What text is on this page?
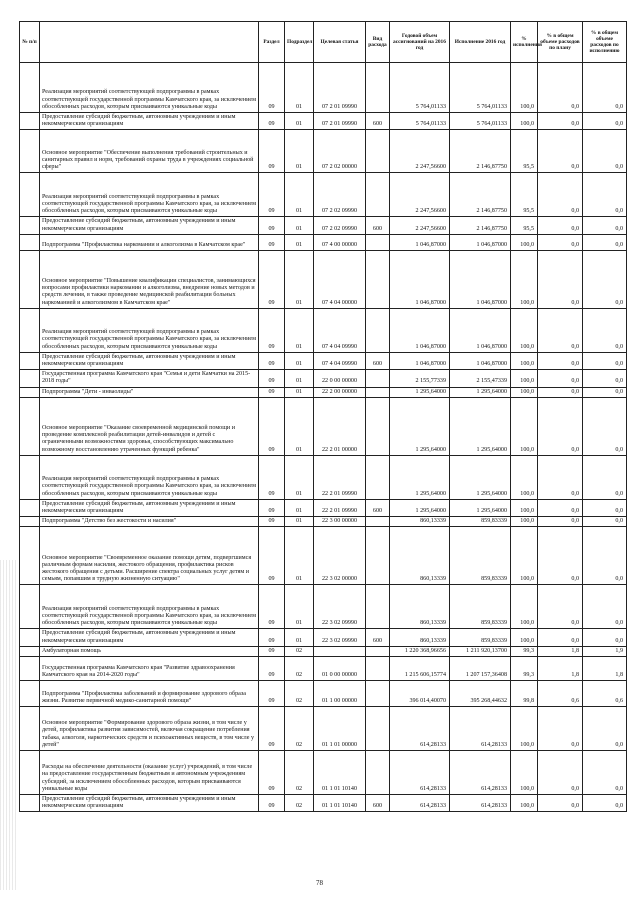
№ п/п		Раздел	Подраздел	Целевая статья	Вид расхода	Годовой объем ассигнований на 2016 год	Исполнение 2016 год	% исполнения	% в общем объеме расходов по плану	% в общем объеме расходов по исполнению
	Реализация мероприятий соответствующей подпрограммы в рамках соответствующей государственной программы Камчатского края, за исключением обособленных расходов, которым присваиваются уникальные коды	09	01	07 2 01 09990		5 764,01133	5 764,01133	100,0	0,0	0,0
	Предоставление субсидий бюджетным, автономным учреждениям и иным некоммерческим организациям	09	01	07 2 01 09990	600	5 764,01133	5 764,01133	100,0	0,0	0,0
	Основное мероприятие "Обеспечение выполнения требований строительных и санитарных правил и норм, требований охраны труда в учреждениях социальной сферы"	09	01	07 2 02 00000		2 247,56600	2 146,87750	95,5	0,0	0,0
	Реализация мероприятий соответствующей подпрограммы в рамках соответствующей государственной программы Камчатского края, за исключением обособленных расходов, которым присваиваются уникальные коды	09	01	07 2 02 09990		2 247,56600	2 146,87750	95,5	0,0	0,0
	Предоставление субсидий бюджетным, автономным учреждениям и иным некоммерческим организациям	09	01	07 2 02 09990	600	2 247,56600	2 146,87750	95,5	0,0	0,0
	Подпрограмма "Профилактика наркомании и алкоголизма в Камчатском крае"	09	01	07 4 00 00000		1 046,87000	1 046,87000	100,0	0,0	0,0
	Основное мероприятие "Повышение квалификации специалистов, занимающихся вопросами профилактики наркомании и алкоголизма, внедрение новых методов и средств лечения, в также проведение медицинской реабилитации больных наркоманией и алкоголизмом в Камчатском крае"	09	01	07 4 04 00000		1 046,87000	1 046,87000	100,0	0,0	0,0
	Реализация мероприятий соответствующей подпрограммы в рамках соответствующей государственной программы Камчатского края, за исключением обособленных расходов, которым присваиваются уникальные коды	09	01	07 4 04 09990		1 046,87000	1 046,87000	100,0	0,0	0,0
	Предоставление субсидий бюджетным, автономным учреждениям и иным некоммерческим организациям	09	01	07 4 04 09990	600	1 046,87000	1 046,87000	100,0	0,0	0,0
	Государственная программа Камчатского края "Семья и дети Камчатки на 2015-2018 годы"	09	01	22 0 00 00000		2 155,77339	2 155,47339	100,0	0,0	0,0
	Подпрограмма "Дети - инваолиды"	09	01	22 2 00 00000		1 295,64000	1 295,64000	100,0	0,0	0,0
	Основное мероприятие "Оказание своевременной медицинской помощи и проведение комплексной реабилитации детей-инвалидов и детей с ограниченными возможностями здоровья, способствующих максимально возможному восстановлению утраченных функций ребенка"	09	01	22 2 01 00000		1 295,64000	1 295,64000	100,0	0,0	0,0
	Реализация мероприятий соответствующей подпрограммы в рамках соответствующей государственной программы Камчатского края, за исключением обособленных расходов, которым присваиваются уникальные коды	09	01	22 2 01 09990		1 295,64000	1 295,64000	100,0	0,0	0,0
	Предоставление субсидий бюджетным, автономным учреждениям и иным некоммерческим организациям	09	01	22 2 01 09990	600	1 295,64000	1 295,64000	100,0	0,0	0,0
	Подпрограмма "Детство без жестокости и насилия"	09	01	22 3 00 00000		860,13339	859,83339	100,0	0,0	0,0
	Основное мероприятие "Своевременное оказание помощи детям, подвергшимся различным формам насилия, жестокого обращения, профилактика рисков жестокого обращения с детьми. Расширение спектра социальных услуг детям и семьям, попавшим в трудную жизненную ситуацию"	09	01	22 3 02 00000		860,13339	859,83339	100,0	0,0	0,0
	Реализация мероприятий соответствующей подпрограммы в рамках соответствующей государственной программы Камчатского края, за исключением обособленных расходов, которым присваиваются уникальные коды	09	01	22 3 02 09990		860,13339	859,83339	100,0	0,0	0,0
	Предоставление субсидий бюджетным, автономным учреждениям и иным некоммерческим организациям	09	01	22 3 02 09990	600	860,13339	859,83339	100,0	0,0	0,0
	Амбулаторная помощь	09	02			1 220 368,96656	1 211 920,13700	99,3	1,8	1,9
	Государственная программа Камчатского края "Развитие здравоохранения Камчатского края на 2014-2020 годы"	09	02	01 0 00 00000		1 215 606,15774	1 207 157,36408	99,3	1,8	1,8
	Подпрограмма "Профилактика заболеваний и формирование здорового образа жизни. Развитие первичной медико-санитарной помощи"	09	02	01 1 00 00000		396 014,40070	395 268,44632	99,8	0,6	0,6
	Основное мероприятие "Формирование здорового образа жизни, в том числе у детей, профилактика развития зависимостей, включая сокращение потребления табака, алкоголя, наркотических средств и психоактивных веществ, в том числе у детей"	09	02	01 1 01 00000		614,28133	614,28133	100,0	0,0	0,0
	Расходы на обеспечение деятельности (оказание услуг) учреждений, в том числе на предоставление государственным бюджетным и автономным учреждениям субсидий, за исключением обособленных расходов, которым присваиваются уникальные коды	09	02	01 1 01 10140		614,28133	614,28133	100,0	0,0	0,0
	Предоставление субсидий бюджетным, автономным учреждениям и иным некоммерческим организациям	09	02	01 1 01 10140	600	614,28133	614,28133	100,0	0,0	0,0
78
